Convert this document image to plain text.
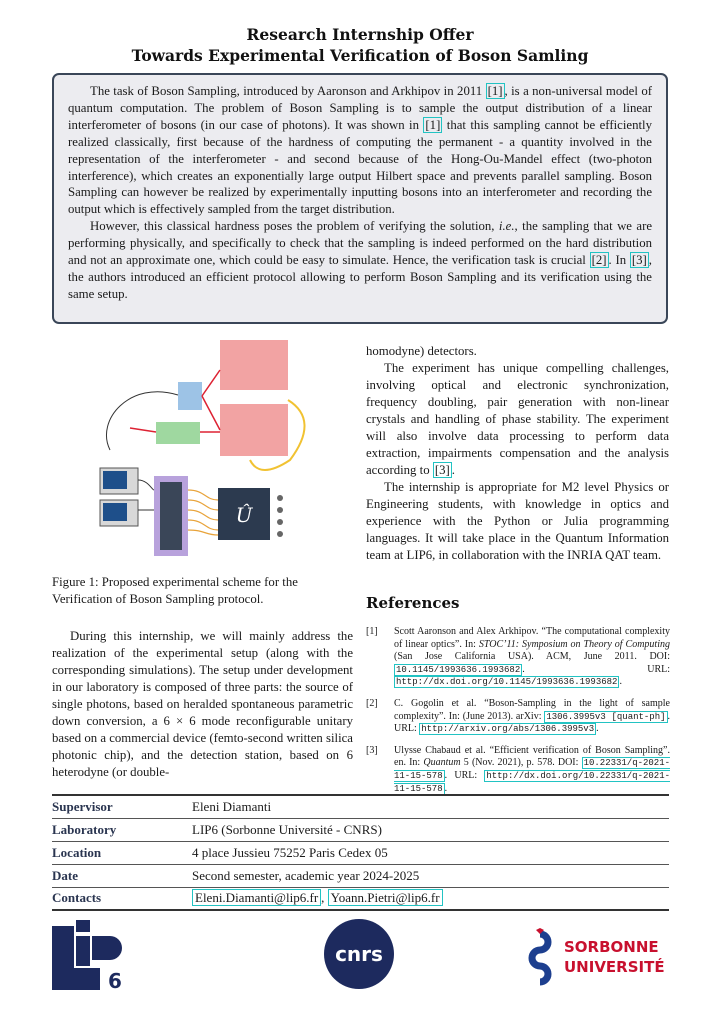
Research Internship Offer
Towards Experimental Verification of Boson Samling

The task of Boson Sampling, introduced by Aaronson and Arkhipov in 2011 [1] , is a non-universal model of quantum computation. The problem of Boson Sampling is to sample the output distribution of a linear interferometer of bosons (in our case of photons). It was shown in [1] that this sampling cannot be efficiently realized classically, first because of the hardness of computing the permanent - a quantity involved in the representation of the interferometer - and second because of the Hong-Ou-Mandel effect (two-photon interference), which creates an exponentially large output Hilbert space and prevents parallel sampling. Boson Sampling can however be realized by experimentally inputting bosons into an interferometer and recording the output which is effectively sampled from the target distribution.

However, this classical hardness poses the problem of verifying the solution, i.e., the sampling that we are performing physically, and specifically to check that the sampling is indeed performed on the hard distribution and not an approximate one, which could be easy to simulate. Hence, the verification task is crucial [2] . In [3] , the authors introduced an efficient protocol allowing to perform Boson Sampling and its verification using the same setup.

Û
Figure 1: Proposed experimental scheme for the Verification of Boson Sampling protocol.

During this internship, we will mainly address the realization of the experimental setup (along with the corresponding simulations). The setup under development in our laboratory is composed of three parts: the source of single photons, based on heralded spontaneous parametric down conversion, a 6 × 6 mode reconfigurable unitary based on a commercial device (femto-second written silica photonic chip), and the detection station, based on 6 heterodyne (or double-

homodyne) detectors.

The experiment has unique compelling challenges, involving optical and electronic synchronization, frequency doubling, pair generation with non-linear crystals and handling of phase stability. The experiment will also involve data processing to perform data extraction, impairments compensation and the analysis according to [3] .

The internship is appropriate for M2 level Physics or Engineering students, with knowledge in optics and experience with the Python or Julia programming languages. It will take place in the Quantum Information team at LIP6, in collaboration with the INRIA QAT team.

References
[1]	Scott Aaronson and Alex Arkhipov. “The computational complexity of linear optics”. In: STOC’11: Symposium on Theory of Computing (San Jose California USA). ACM, June 2011. DOI: 10.1145/1993636.1993682 . URL: http://dx.doi.org/10.1145/1993636.1993682 .
[2]	C. Gogolin et al. “Boson-Sampling in the light of sample complexity”. In: (June 2013). arXiv: 1306.3995v3 [quant-ph] . URL: http://arxiv.org/abs/1306.3995v3 .
[3]	Ulysse Chabaud et al. “Efficient verification of Boson Sampling”. en. In: Quantum 5 (Nov. 2021), p. 578. DOI: 10.22331/q-2021-11-15-578 . URL: http://dx.doi.org/10.22331/q-2021-11-15-578 .
Supervisor	Eleni Diamanti
Laboratory	LIP6 (Sorbonne Université - CNRS)
Location	4 place Jussieu 75252 Paris Cedex 05
Date	Second semester, academic year 2024-2025
Contacts	Eleni.Diamanti@lip6.fr , Yoann.Pietri@lip6.fr
6
cnrs	SORBONNE
UNIVERSITÉ
